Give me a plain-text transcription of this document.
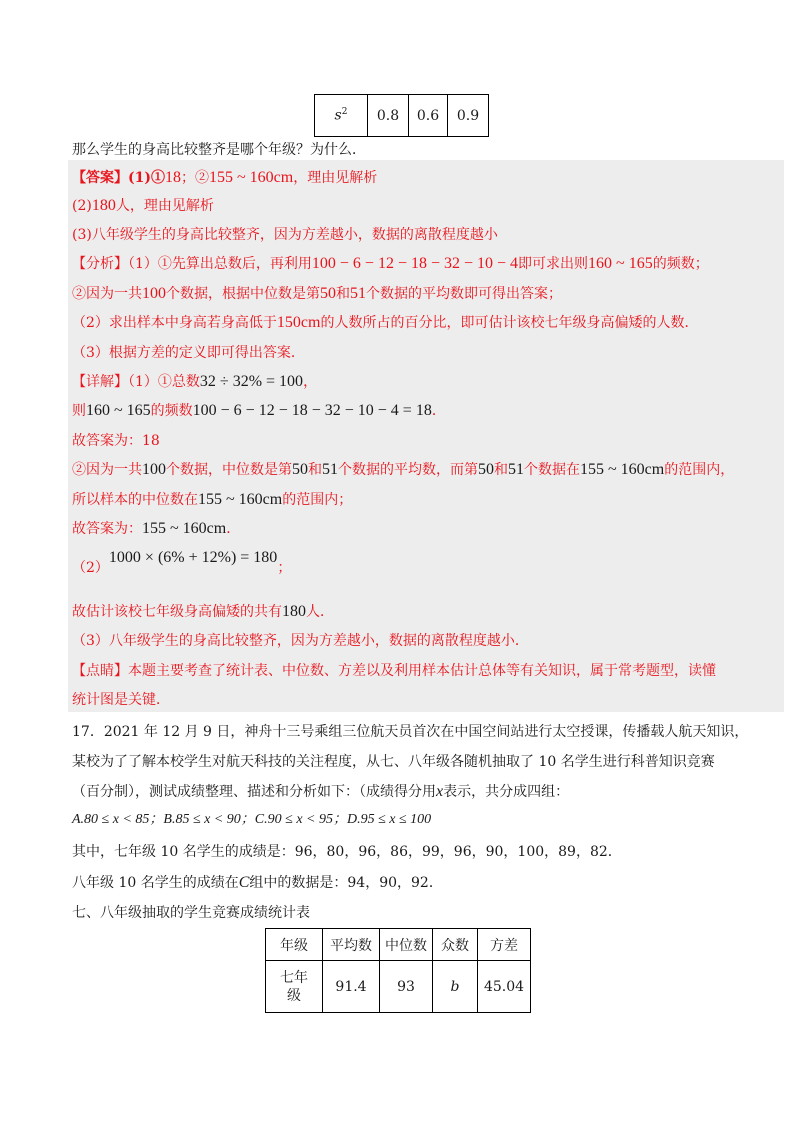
$s^2$	0.8	0.6	0.9
那么学生的身高比较整齐是哪个年级？为什么．
【答案】(1)①18；②155 ~ 160cm，理由见解析
(2)180人，理由见解析
(3)八年级学生的身高比较整齐，因为方差越小，数据的离散程度越小
【分析】（1）①先算出总数后，再利用100 − 6 − 12 − 18 − 32 − 10 − 4即可求出则160 ~ 165的频数；
②因为一共100个数据，根据中位数是第50和51个数据的平均数即可得出答案；
（2）求出样本中身高若身高低于150cm的人数所占的百分比，即可估计该校七年级身高偏矮的人数．
（3）根据方差的定义即可得出答案．
【详解】（1）①总数32 ÷ 32% = 100，
则160 ~ 165的频数100 − 6 − 12 − 18 − 32 − 10 − 4 = 18．
故答案为：18
②因为一共100个数据，中位数是第50和51个数据的平均数，而第50和51个数据在155 ~ 160cm的范围内，
所以样本的中位数在155 ~ 160cm的范围内；
故答案为：155 ~ 160cm．
（2）1000 × (6% + 12%) = 180；
故估计该校七年级身高偏矮的共有180人．
（3）八年级学生的身高比较整齐，因为方差越小，数据的离散程度越小．
【点睛】本题主要考查了统计表、中位数、方差以及利用样本估计总体等有关知识，属于常考题型，读懂
统计图是关键．
17．2021 年 12 月 9 日，神舟十三号乘组三位航天员首次在中国空间站进行太空授课，传播载人航天知识，
某校为了了解本校学生对航天科技的关注程度，从七、八年级各随机抽取了 10 名学生进行科普知识竞赛
（百分制），测试成绩整理、描述和分析如下：（成绩得分用x表示，共分成四组：
A.80 ≤ x < 85；B.85 ≤ x < 90；C.90 ≤ x < 95；D.95 ≤ x ≤ 100
其中，七年级 10 名学生的成绩是：96，80，96，86，99，96，90，100，89，82．
八年级 10 名学生的成绩在C组中的数据是：94，90，92．
七、八年级抽取的学生竞赛成绩统计表
年级	平均数	中位数	众数	方差
七年
级	91.4	93	b	45.04
